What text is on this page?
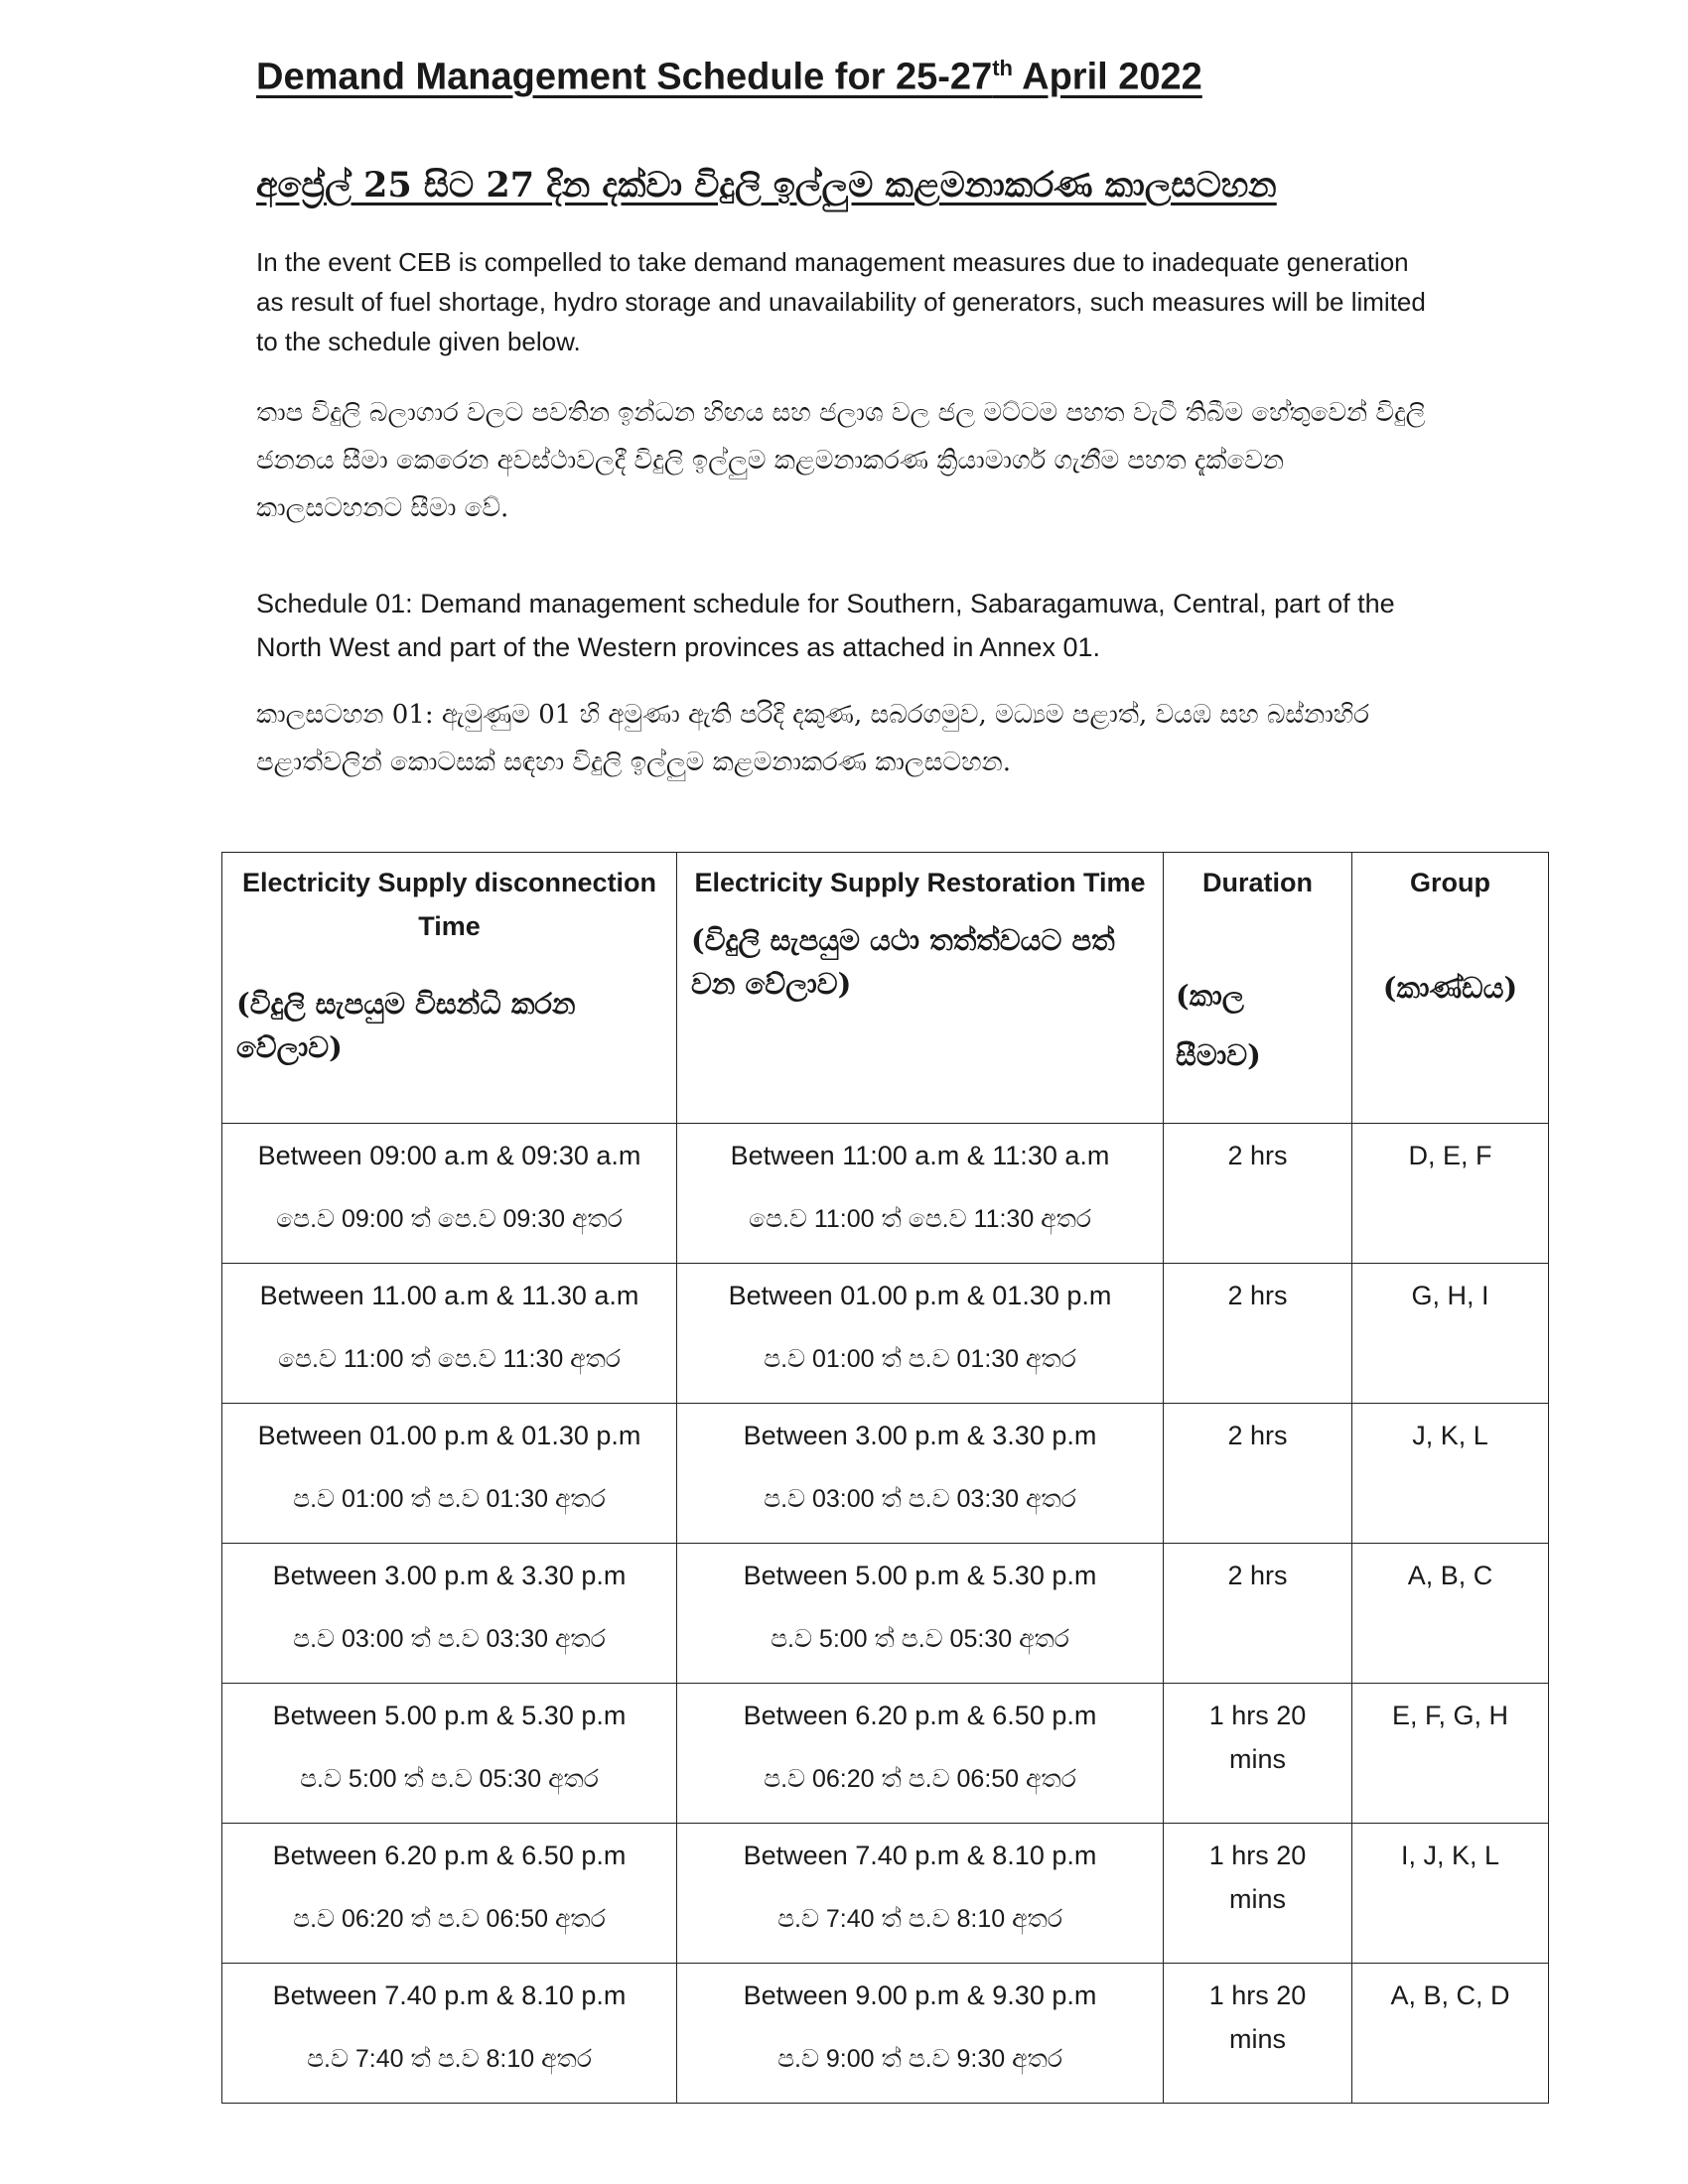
Demand Management Schedule for 25-27th April 2022
අප්‍රේල් 25 සිට 27 දින දක්වා විදුලි ඉල්ලුම කළමනාකරණ කාලසටහන

In the event CEB is compelled to take demand management measures due to inadequate generation as result of fuel shortage, hydro storage and unavailability of generators, such measures will be limited to the schedule given below.

තාප විදුලි බලාගාර වලට පවතින ඉන්ධන හිඟය සහ ජලාශ වල ජල මට්ටම පහත වැටී තිබීම හේතුවෙන් විදුලි ජනනය සීමා කෙරෙන අවස්ථාවලදී විදුලි ඉල්ලුම කළමනාකරණ ක්‍රියාමාර්ග ගැනීම පහත දැක්වෙන කාලසටහනට සීමා වේ.

Schedule 01: Demand management schedule for Southern, Sabaragamuwa, Central, part of the North West and part of the Western provinces as attached in Annex 01.

කාලසටහන 01: ඇමුණුම 01 හි අමුණා ඇති පරිදි දකුණ, සබරගමුව, මධ්‍යම පළාත්, වයඹ සහ බස්නාහිර පළාත්වලින් කොටසක් සඳහා විදුලි ඉල්ලුම කළමනාකරණ කාලසටහන.

Electricity Supply disconnection Time
(විදුලි සැපයුම විසන්ධි කරන වේලාව)	Electricity Supply Restoration Time
(විදුලි සැපයුම යථා තත්ත්වයට පත් වන වේලාව)	Duration
(කාල සීමාව)	Group
(කාණ්ඩය)

Between 09:00 a.m & 09:30 a.m
පෙ.ව 09:00 ත් පෙ.ව 09:30 අතර	Between 11:00 a.m & 11:30 a.m
පෙ.ව 11:00 ත් පෙ.ව 11:30 අතර	2 hrs	D, E, F

Between 11.00 a.m & 11.30 a.m
පෙ.ව 11:00 ත් පෙ.ව 11:30 අතර	Between 01.00 p.m & 01.30 p.m
ප.ව 01:00 ත් ප.ව 01:30 අතර	2 hrs	G, H, I

Between 01.00 p.m & 01.30 p.m
ප.ව 01:00 ත් ප.ව 01:30 අතර	Between 3.00 p.m & 3.30 p.m
ප.ව 03:00 ත් ප.ව 03:30 අතර	2 hrs	J, K, L

Between 3.00 p.m & 3.30 p.m
ප.ව 03:00 ත් ප.ව 03:30 අතර	Between 5.00 p.m & 5.30 p.m
ප.ව 5:00 ත් ප.ව 05:30 අතර	2 hrs	A, B, C

Between 5.00 p.m & 5.30 p.m
ප.ව 5:00 ත් ප.ව 05:30 අතර	Between 6.20 p.m & 6.50 p.m
ප.ව 06:20 ත් ප.ව 06:50 අතර	1 hrs 20 mins	E, F, G, H

Between 6.20 p.m & 6.50 p.m
ප.ව 06:20 ත් ප.ව 06:50 අතර	Between 7.40 p.m & 8.10 p.m
ප.ව 7:40 ත් ප.ව 8:10 අතර	1 hrs 20 mins	I, J, K, L

Between 7.40 p.m & 8.10 p.m
ප.ව 7:40 ත් ප.ව 8:10 අතර	Between 9.00 p.m & 9.30 p.m
ප.ව 9:00 ත් ප.ව 9:30 අතර	1 hrs 20 mins	A, B, C, D
